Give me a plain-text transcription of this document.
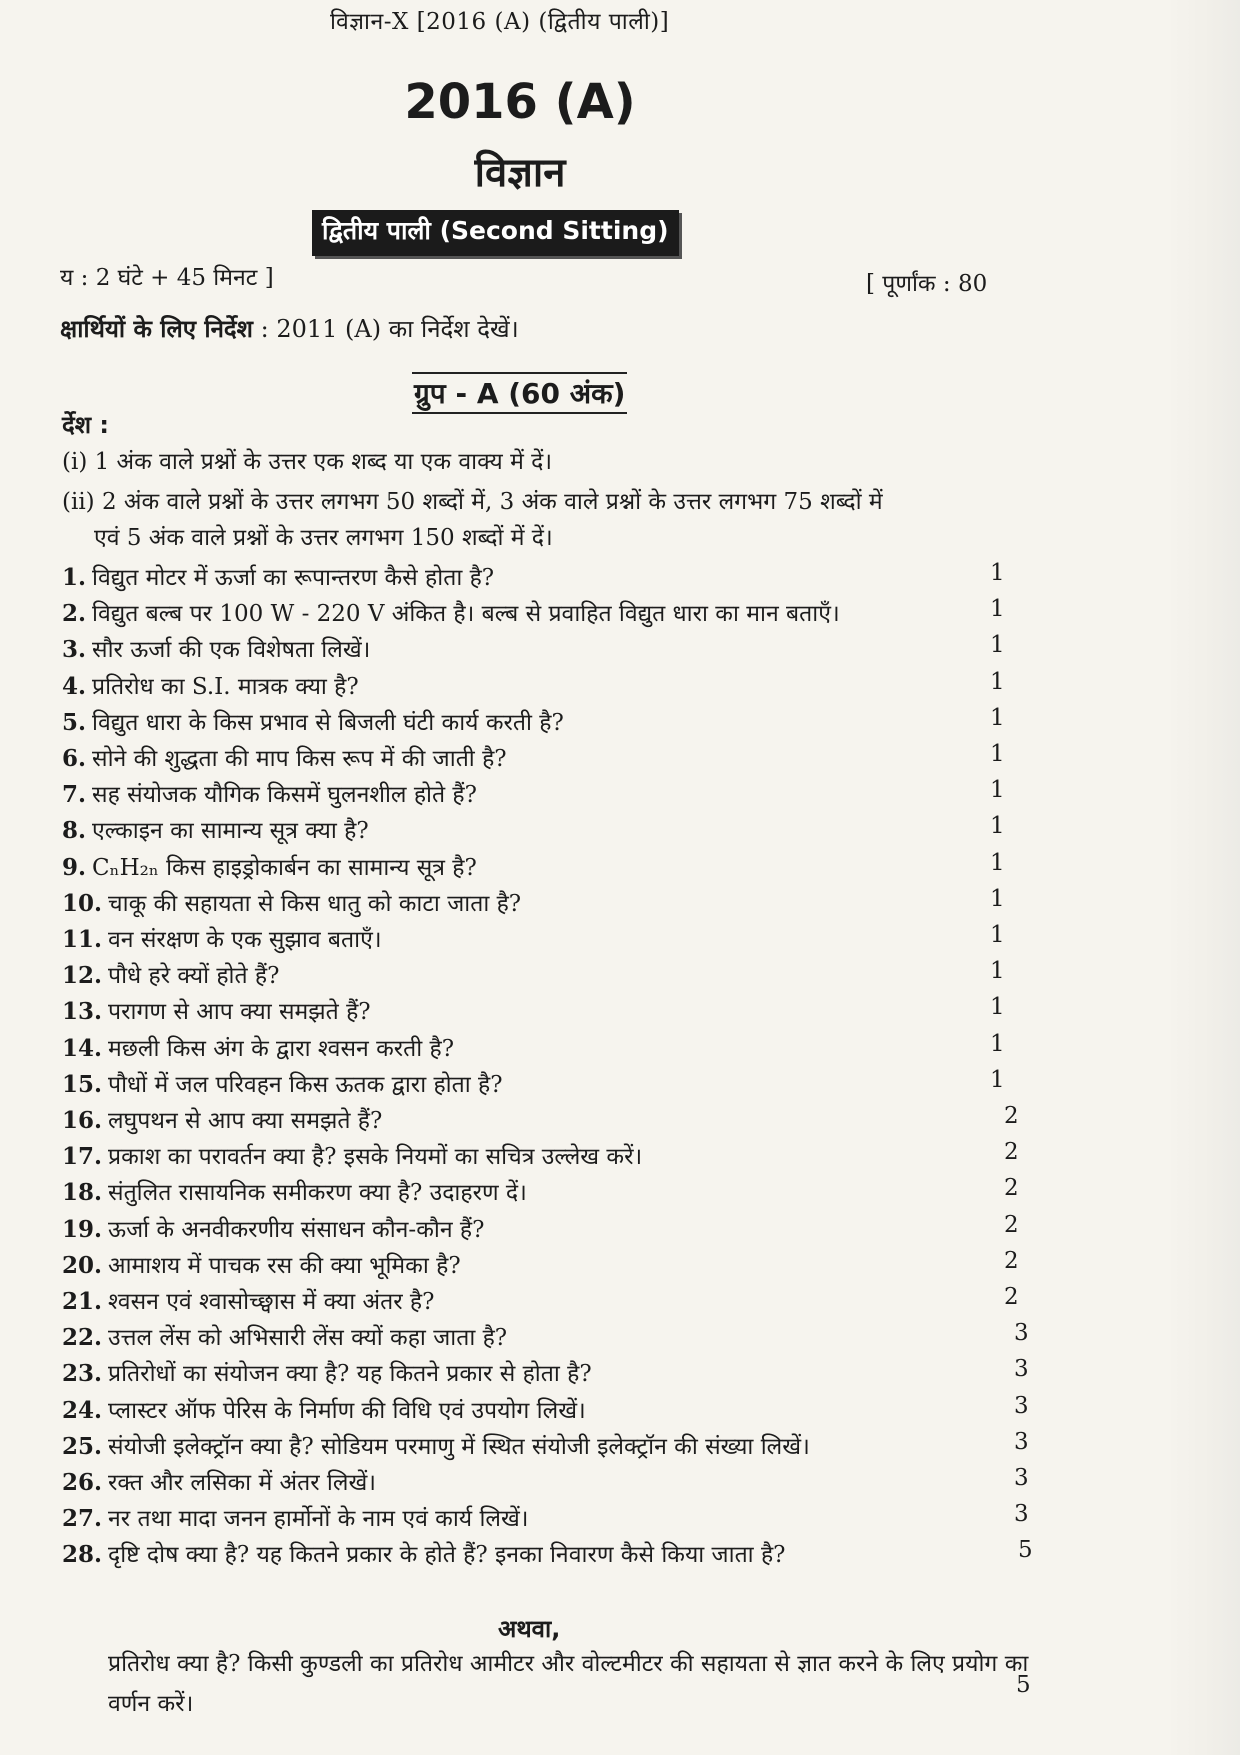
विज्ञान-X [2016 (A) (द्वितीय पाली)]
2016 (A)
विज्ञान
द्वितीय पाली (Second Sitting)
य : 2 घंटे + 45 मिनट ]	[ पूर्णांक : 80
क्षार्थियों के लिए निर्देश : 2011 (A) का निर्देश देखें।
ग्रुप - A (60 अंक)
र्देश :
(i) 1 अंक वाले प्रश्नों के उत्तर एक शब्द या एक वाक्य में दें।
(ii) 2 अंक वाले प्रश्नों के उत्तर लगभग 50 शब्दों में, 3 अंक वाले प्रश्नों के उत्तर लगभग 75 शब्दों में
एवं 5 अंक वाले प्रश्नों के उत्तर लगभग 150 शब्दों में दें।
1. विद्युत मोटर में ऊर्जा का रूपान्तरण कैसे होता है?	1
2. विद्युत बल्ब पर 100 W - 220 V अंकित है। बल्ब से प्रवाहित विद्युत धारा का मान बताएँ।	1
3. सौर ऊर्जा की एक विशेषता लिखें।	1
4. प्रतिरोध का S.I. मात्रक क्या है?	1
5. विद्युत धारा के किस प्रभाव से बिजली घंटी कार्य करती है?	1
6. सोने की शुद्धता की माप किस रूप में की जाती है?	1
7. सह संयोजक यौगिक किसमें घुलनशील होते हैं?	1
8. एल्काइन का सामान्य सूत्र क्या है?	1
9. CₙH₂ₙ किस हाइड्रोकार्बन का सामान्य सूत्र है?	1
10. चाकू की सहायता से किस धातु को काटा जाता है?	1
11. वन संरक्षण के एक सुझाव बताएँ।	1
12. पौधे हरे क्यों होते हैं?	1
13. परागण से आप क्या समझते हैं?	1
14. मछली किस अंग के द्वारा श्वसन करती है?	1
15. पौधों में जल परिवहन किस ऊतक द्वारा होता है?	1
16. लघुपथन से आप क्या समझते हैं?	2
17. प्रकाश का परावर्तन क्या है? इसके नियमों का सचित्र उल्लेख करें।	2
18. संतुलित रासायनिक समीकरण क्या है? उदाहरण दें।	2
19. ऊर्जा के अनवीकरणीय संसाधन कौन-कौन हैं?	2
20. आमाशय में पाचक रस की क्या भूमिका है?	2
21. श्वसन एवं श्वासोच्छ्वास में क्या अंतर है?	2
22. उत्तल लेंस को अभिसारी लेंस क्यों कहा जाता है?	3
23. प्रतिरोधों का संयोजन क्या है? यह कितने प्रकार से होता है?	3
24. प्लास्टर ऑफ पेरिस के निर्माण की विधि एवं उपयोग लिखें।	3
25. संयोजी इलेक्ट्रॉन क्या है? सोडियम परमाणु में स्थित संयोजी इलेक्ट्रॉन की संख्या लिखें।	3
26. रक्त और लसिका में अंतर लिखें।	3
27. नर तथा मादा जनन हार्मोनों के नाम एवं कार्य लिखें।	3
28. दृष्टि दोष क्या है? यह कितने प्रकार के होते हैं? इनका निवारण कैसे किया जाता है?	5
अथवा,
प्रतिरोध क्या है? किसी कुण्डली का प्रतिरोध आमीटर और वोल्टमीटर की सहायता से ज्ञात करने के लिए प्रयोग का वर्णन करें।
5
